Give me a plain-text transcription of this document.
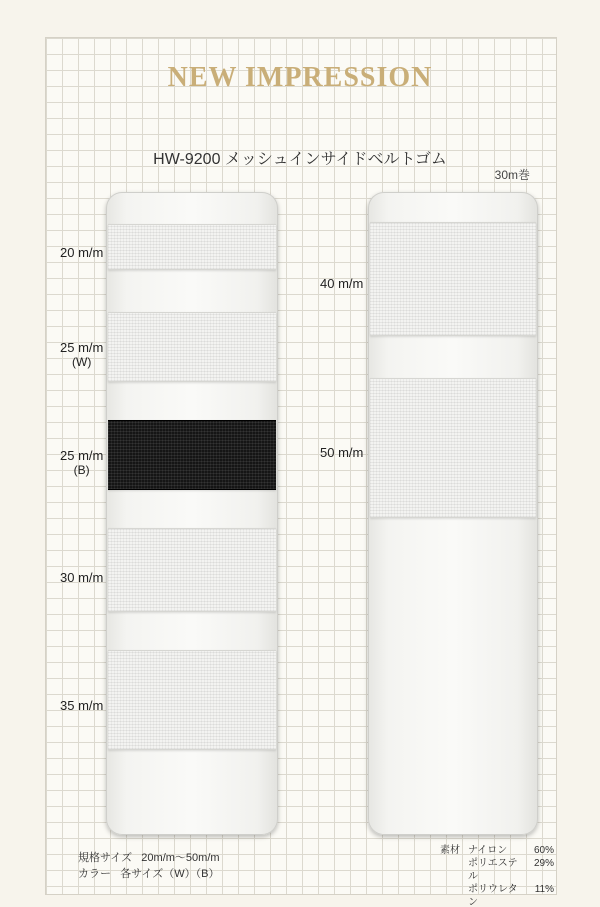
NEW IMPRESSION
HW-9200 メッシュインサイドベルトゴム
30m巻
20 m/m
25 m/m
(W)
25 m/m
(B)
30 m/m
35 m/m
40 m/m
50 m/m
規格サイズ 20m/m～50m/m
カラー 各サイズ（W）（B）
素材 ナイロン	60%
ポリエステル
29%
ポリウレタン
11%
